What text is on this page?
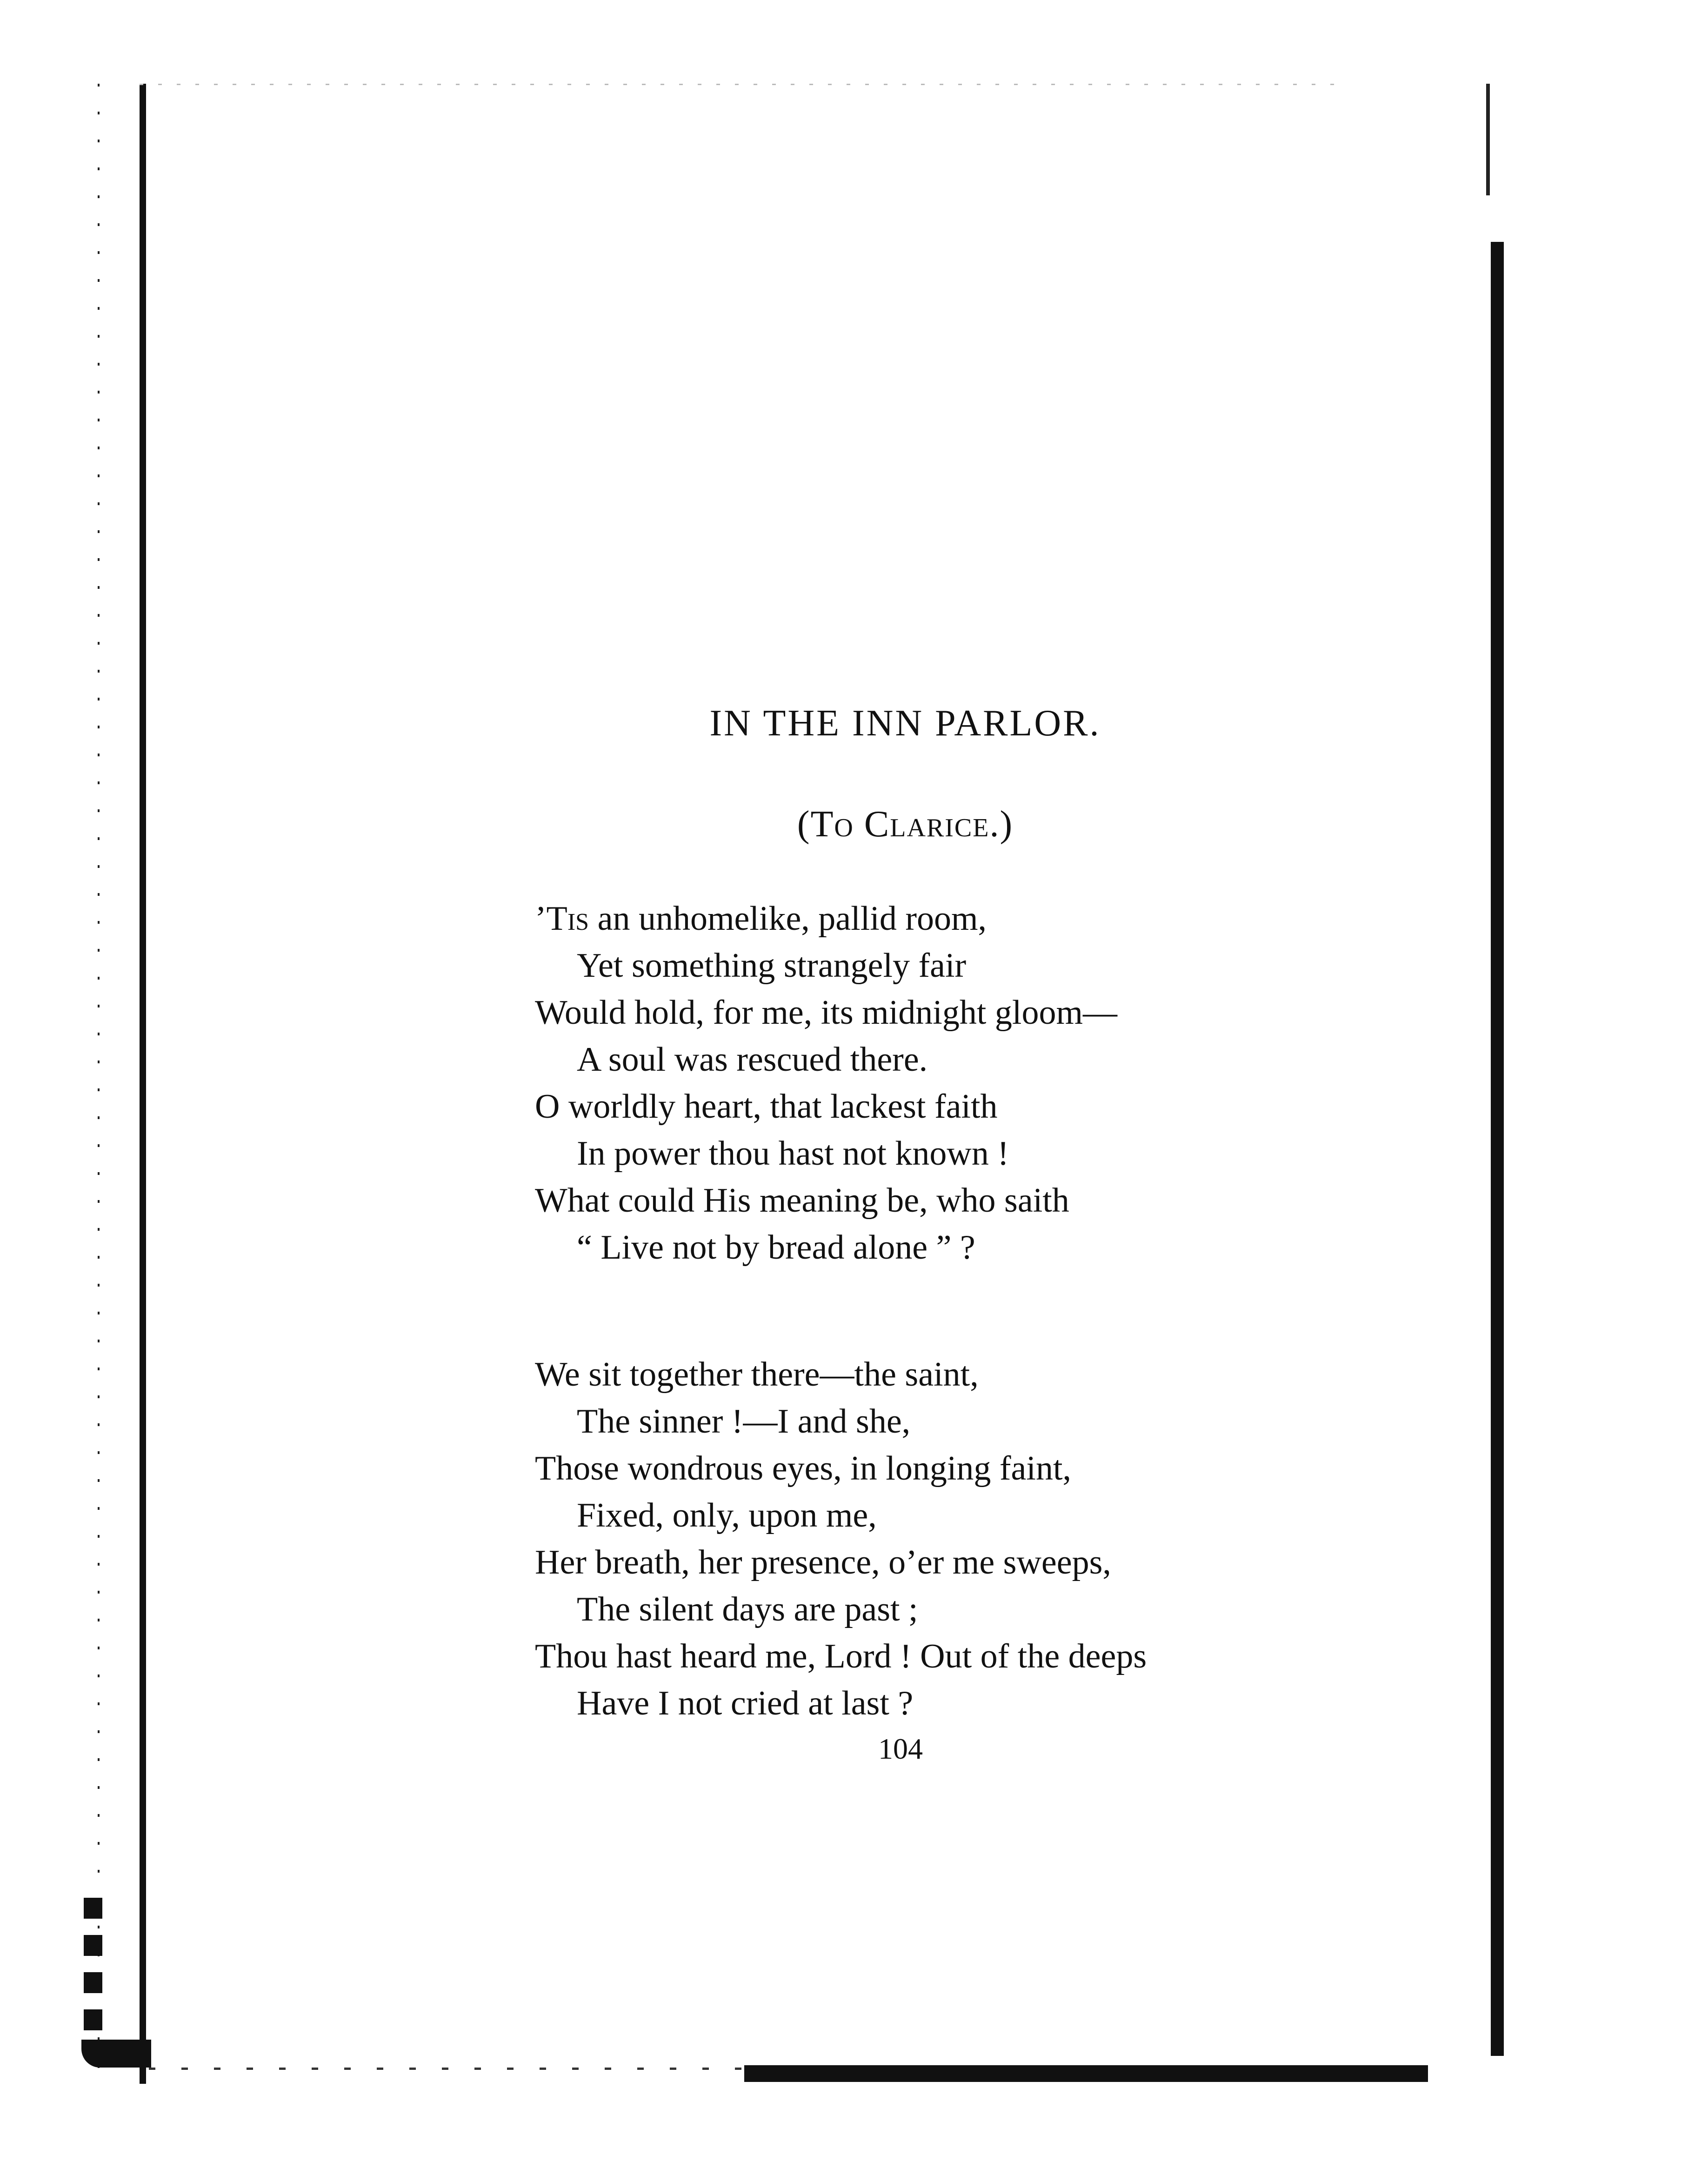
IN THE INN PARLOR.
(To Clarice.)
’Tis an unhomelike, pallid room,
Yet something strangely fair
Would hold, for me, its midnight gloom—
A soul was rescued there.
O worldly heart, that lackest faith
In power thou hast not known !
What could His meaning be, who saith
“ Live not by bread alone ” ?
We sit together there—the saint,
The sinner !—I and she,
Those wondrous eyes, in longing faint,
Fixed, only, upon me,
Her breath, her presence, o’er me sweeps,
The silent days are past ;
Thou hast heard me, Lord ! Out of the deeps
Have I not cried at last ?
104
